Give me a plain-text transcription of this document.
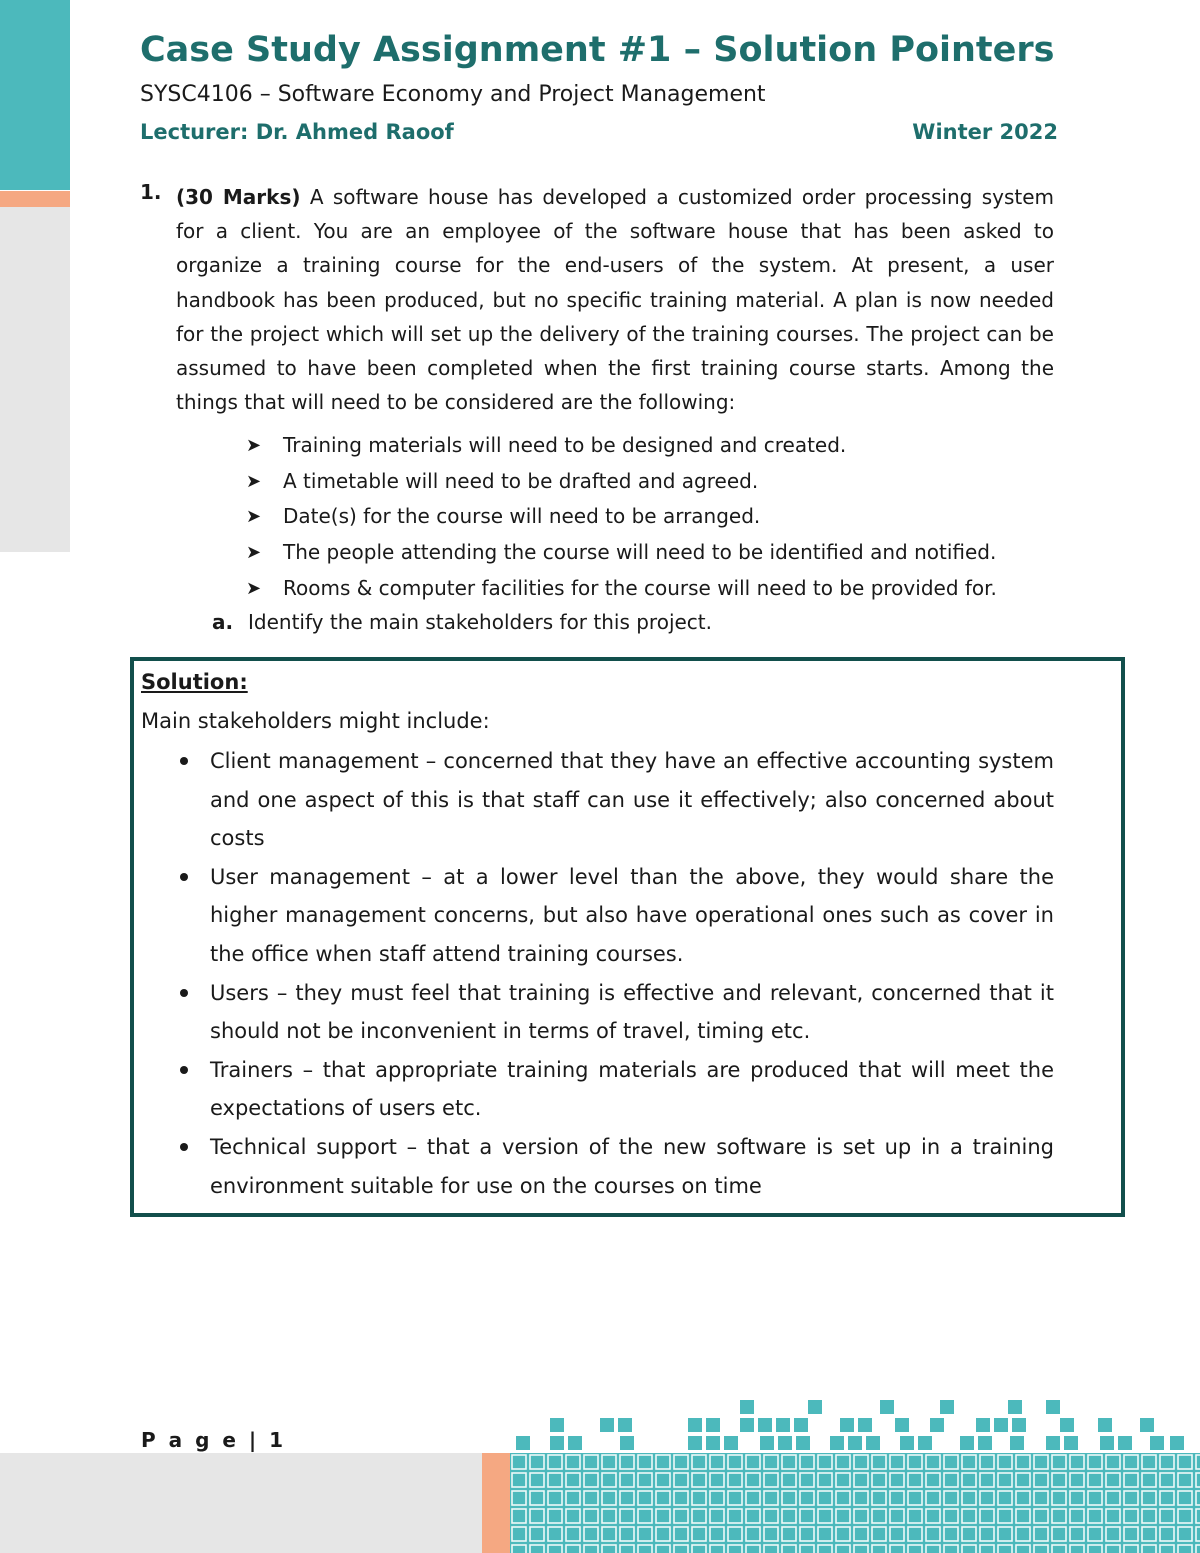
Case Study Assignment #1 – Solution Pointers
SYSC4106 – Software Economy and Project Management
Lecturer: Dr. Ahmed Raoof	Winter 2022
1. (30 Marks) A software house has developed a customized order processing system for a client. You are an employee of the software house that has been asked to organize a training course for the end-users of the system. At present, a user handbook has been produced, but no specific training material. A plan is now needed for the project which will set up the delivery of the training courses. The project can be assumed to have been completed when the first training course starts. Among the things that will need to be considered are the following:
➤ Training materials will need to be designed and created.
➤ A timetable will need to be drafted and agreed.
➤ Date(s) for the course will need to be arranged.
➤ The people attending the course will need to be identified and notified.
➤ Rooms & computer facilities for the course will need to be provided for.
a. Identify the main stakeholders for this project.
Solution:
Main stakeholders might include:
Client management – concerned that they have an effective accounting system and one aspect of this is that staff can use it effectively; also concerned about costs
User management – at a lower level than the above, they would share the higher management concerns, but also have operational ones such as cover in the office when staff attend training courses.
Users – they must feel that training is effective and relevant, concerned that it should not be inconvenient in terms of travel, timing etc.
Trainers – that appropriate training materials are produced that will meet the expectations of users etc.
Technical support – that a version of the new software is set up in a training environment suitable for use on the courses on time
P a g e | 1
